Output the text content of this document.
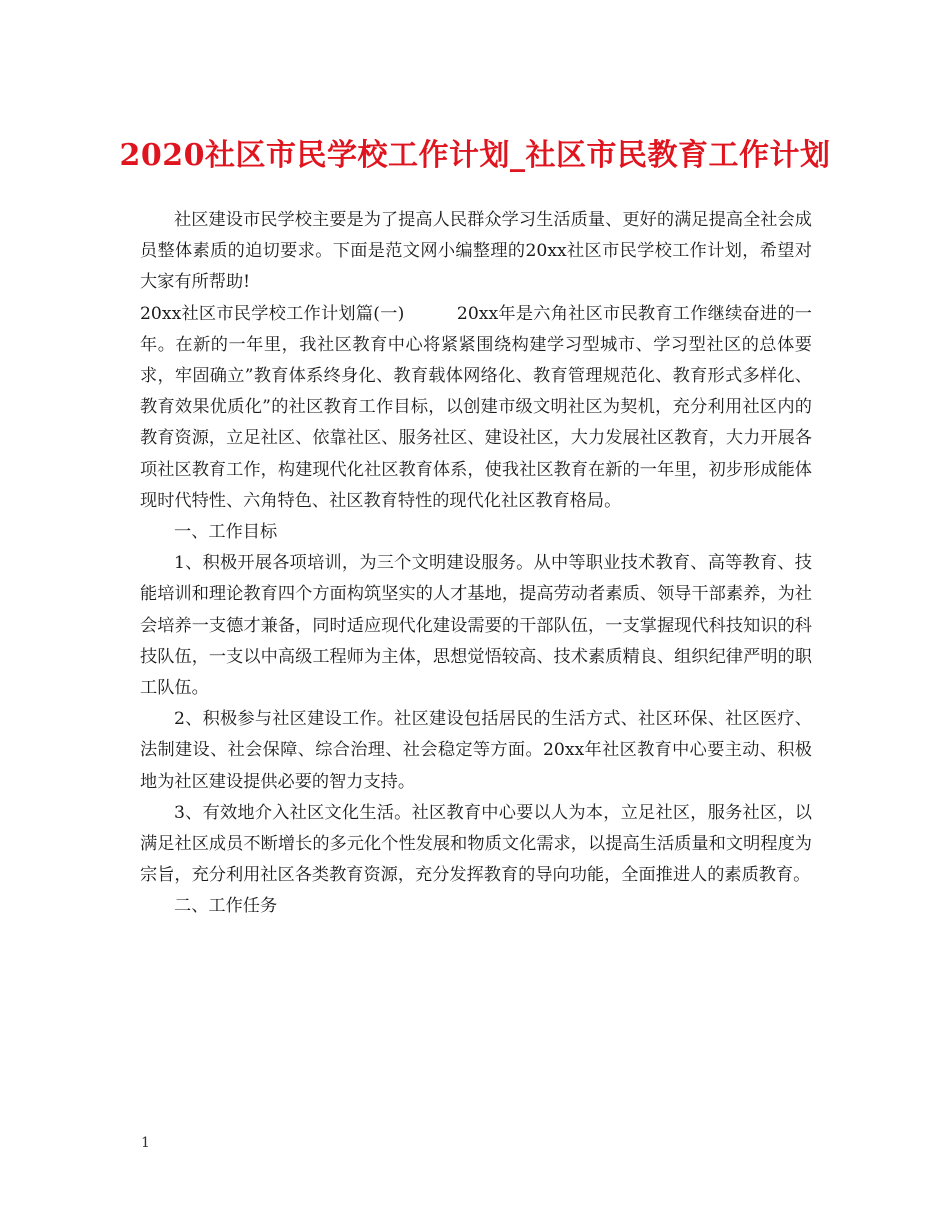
2020社区市民学校工作计划_社区市民教育工作计划

社区建设市民学校主要是为了提高人民群众学习生活质量、更好的满足提高全社会成员整体素质的迫切要求。下面是范文网小编整理的20xx社区市民学校工作计划，希望对大家有所帮助!

20xx社区市民学校工作计划篇(一)　　　20xx年是六角社区市民教育工作继续奋进的一年。在新的一年里，我社区教育中心将紧紧围绕构建学习型城市、学习型社区的总体要求，牢固确立”教育体系终身化、教育载体网络化、教育管理规范化、教育形式多样化、教育效果优质化”的社区教育工作目标，以创建市级文明社区为契机，充分利用社区内的教育资源，立足社区、依靠社区、服务社区、建设社区，大力发展社区教育，大力开展各项社区教育工作，构建现代化社区教育体系，使我社区教育在新的一年里，初步形成能体现时代特性、六角特色、社区教育特性的现代化社区教育格局。

一、工作目标

1、积极开展各项培训，为三个文明建设服务。从中等职业技术教育、高等教育、技能培训和理论教育四个方面构筑坚实的人才基地，提高劳动者素质、领导干部素养，为社会培养一支德才兼备，同时适应现代化建设需要的干部队伍，一支掌握现代科技知识的科技队伍，一支以中高级工程师为主体，思想觉悟较高、技术素质精良、组织纪律严明的职工队伍。

2、积极参与社区建设工作。社区建设包括居民的生活方式、社区环保、社区医疗、法制建设、社会保障、综合治理、社会稳定等方面。20xx年社区教育中心要主动、积极地为社区建设提供必要的智力支持。

3、有效地介入社区文化生活。社区教育中心要以人为本，立足社区，服务社区，以满足社区成员不断增长的多元化个性发展和物质文化需求，以提高生活质量和文明程度为宗旨，充分利用社区各类教育资源，充分发挥教育的导向功能，全面推进人的素质教育。

二、工作任务

1
